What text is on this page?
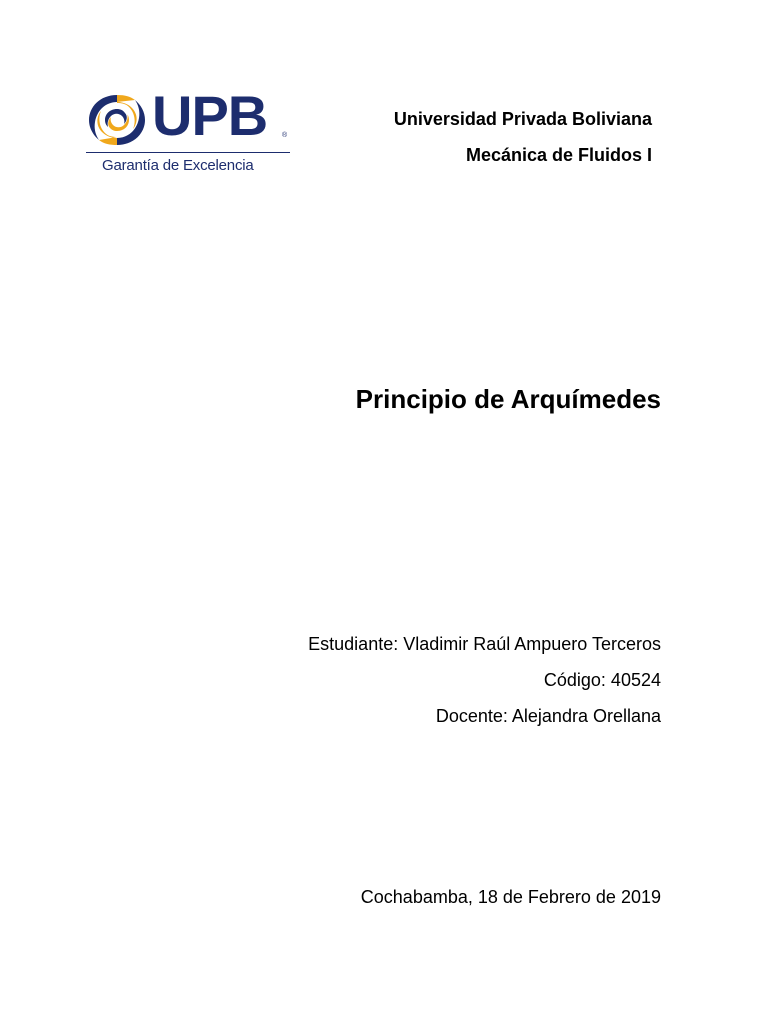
UPB ®
Garantía de Excelencia
Universidad Privada Boliviana
Mecánica de Fluidos I
Principio de Arquímedes
Estudiante: Vladimir Raúl Ampuero Terceros
Código: 40524
Docente: Alejandra Orellana
Cochabamba, 18 de Febrero de 2019
